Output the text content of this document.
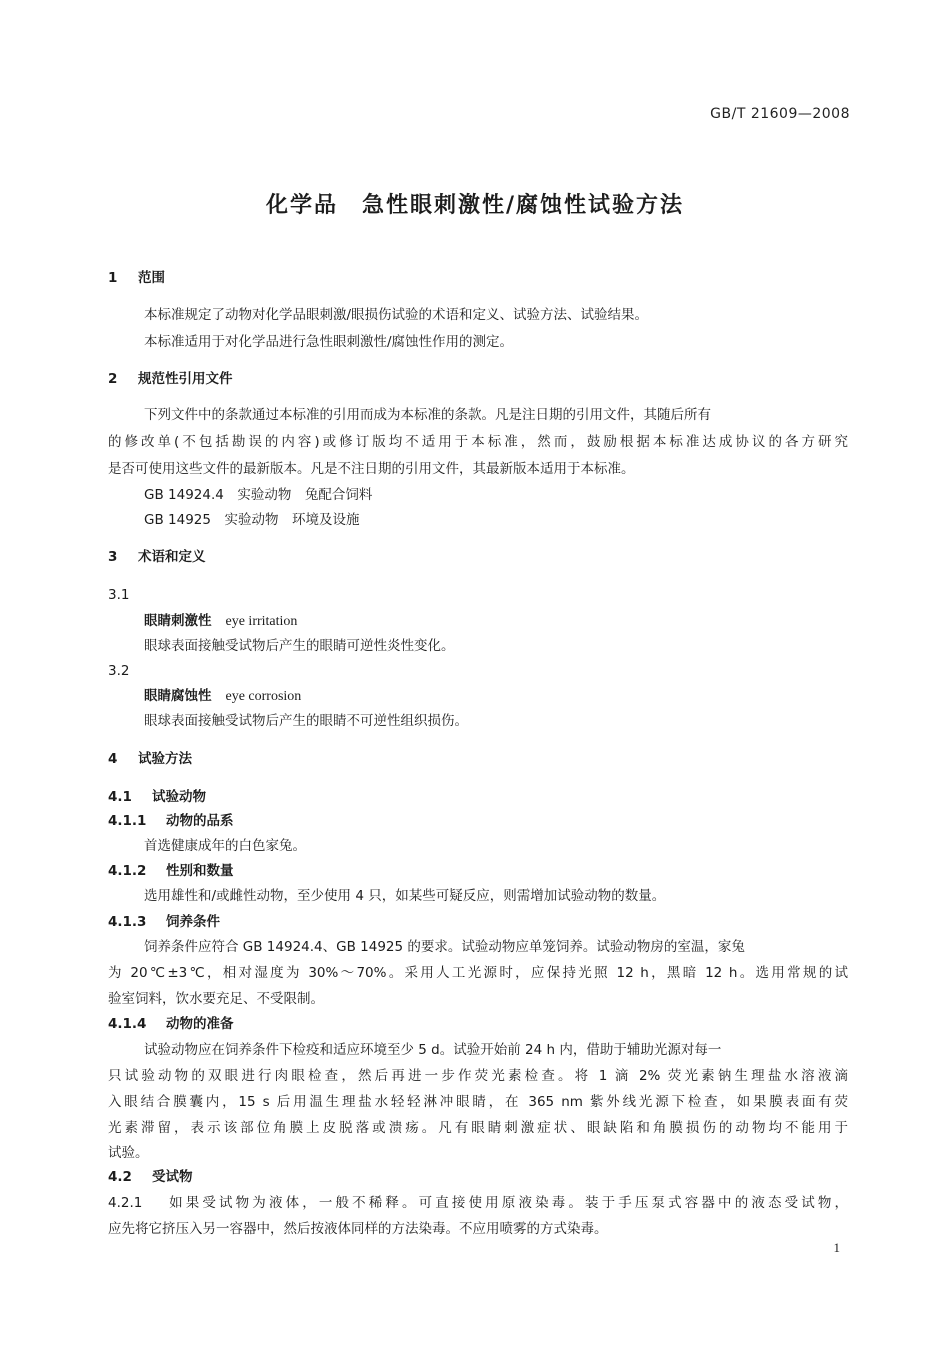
GB/T 21609—2008
化学品　急性眼刺激性/腐蚀性试验方法
1 范围
本标准规定了动物对化学品眼刺激/眼损伤试验的术语和定义、试验方法、试验结果。
本标准适用于对化学品进行急性眼刺激性/腐蚀性作用的测定。
2 规范性引用文件
下列文件中的条款通过本标准的引用而成为本标准的条款。凡是注日期的引用文件，其随后所有
的修改单(不包括勘误的内容)或修订版均不适用于本标准，然而，鼓励根据本标准达成协议的各方研究
是否可使用这些文件的最新版本。凡是不注日期的引用文件，其最新版本适用于本标准。
GB 14924.4　实验动物　兔配合饲料
GB 14925　实验动物　环境及设施
3 术语和定义
3.1
眼睛刺激性 eye irritation
眼球表面接触受试物后产生的眼睛可逆性炎性变化。
3.2
眼睛腐蚀性 eye corrosion
眼球表面接触受试物后产生的眼睛不可逆性组织损伤。
4 试验方法
4.1 试验动物
4.1.1 动物的品系
首选健康成年的白色家兔。
4.1.2 性别和数量
选用雄性和/或雌性动物，至少使用 4 只，如某些可疑反应，则需增加试验动物的数量。
4.1.3 饲养条件
饲养条件应符合 GB 14924.4、GB 14925 的要求。试验动物应单笼饲养。试验动物房的室温，家兔
为 20℃±3℃，相对湿度为 30%～70%。采用人工光源时，应保持光照 12 h，黑暗 12 h。选用常规的试
验室饲料，饮水要充足、不受限制。
4.1.4 动物的准备
试验动物应在饲养条件下检疫和适应环境至少 5 d。试验开始前 24 h 内，借助于辅助光源对每一
只试验动物的双眼进行肉眼检查，然后再进一步作荧光素检查。将 1 滴 2% 荧光素钠生理盐水溶液滴
入眼结合膜囊内，15 s 后用温生理盐水轻轻淋冲眼睛，在 365 nm 紫外线光源下检查，如果膜表面有荧
光素滞留，表示该部位角膜上皮脱落或溃疡。凡有眼睛刺激症状、眼缺陷和角膜损伤的动物均不能用于
试验。
4.2 受试物
4.2.1 如果受试物为液体，一般不稀释。可直接使用原液染毒。装于手压泵式容器中的液态受试物，
应先将它挤压入另一容器中，然后按液体同样的方法染毒。不应用喷雾的方式染毒。
1
